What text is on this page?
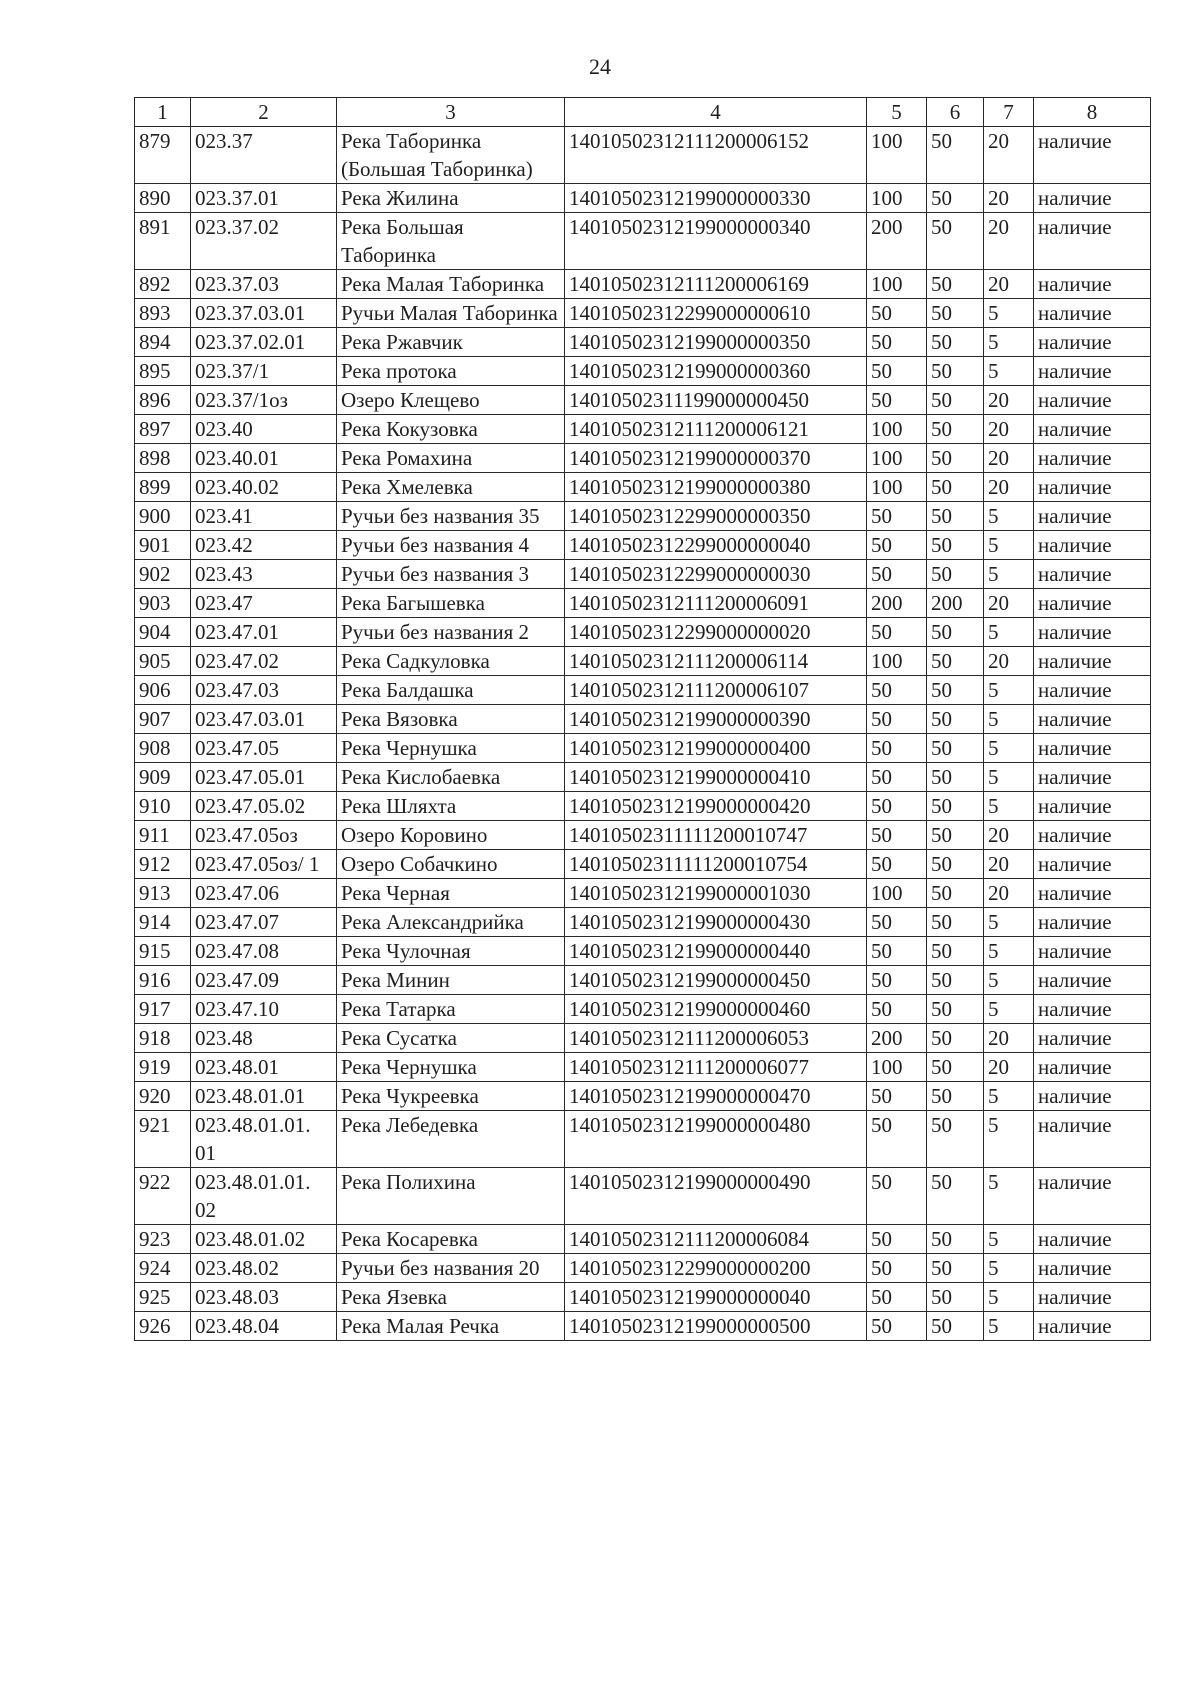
24
1	2	3	4	5	6	7	8
879	023.37	Река Таборинка (Большая Таборинка)	14010502312111200006152	100	50	20	наличие
890	023.37.01	Река Жилина	14010502312199000000330	100	50	20	наличие
891	023.37.02	Река Большая Таборинка	14010502312199000000340	200	50	20	наличие
892	023.37.03	Река Малая Таборинка	14010502312111200006169	100	50	20	наличие
893	023.37.03.01	Ручьи Малая Таборинка	14010502312299000000610	50	50	5	наличие
894	023.37.02.01	Река Ржавчик	14010502312199000000350	50	50	5	наличие
895	023.37/1	Река протока	14010502312199000000360	50	50	5	наличие
896	023.37/1оз	Озеро Клещево	14010502311199000000450	50	50	20	наличие
897	023.40	Река Кокузовка	14010502312111200006121	100	50	20	наличие
898	023.40.01	Река Ромахина	14010502312199000000370	100	50	20	наличие
899	023.40.02	Река Хмелевка	14010502312199000000380	100	50	20	наличие
900	023.41	Ручьи без названия 35	14010502312299000000350	50	50	5	наличие
901	023.42	Ручьи без названия 4	14010502312299000000040	50	50	5	наличие
902	023.43	Ручьи без названия 3	14010502312299000000030	50	50	5	наличие
903	023.47	Река Багышевка	14010502312111200006091	200	200	20	наличие
904	023.47.01	Ручьи без названия 2	14010502312299000000020	50	50	5	наличие
905	023.47.02	Река Садкуловка	14010502312111200006114	100	50	20	наличие
906	023.47.03	Река Балдашка	14010502312111200006107	50	50	5	наличие
907	023.47.03.01	Река Вязовка	14010502312199000000390	50	50	5	наличие
908	023.47.05	Река Чернушка	14010502312199000000400	50	50	5	наличие
909	023.47.05.01	Река Кислобаевка	14010502312199000000410	50	50	5	наличие
910	023.47.05.02	Река Шляхта	14010502312199000000420	50	50	5	наличие
911	023.47.05оз	Озеро Коровино	14010502311111200010747	50	50	20	наличие
912	023.47.05оз/ 1	Озеро Собачкино	14010502311111200010754	50	50	20	наличие
913	023.47.06	Река Черная	14010502312199000001030	100	50	20	наличие
914	023.47.07	Река Александрийка	14010502312199000000430	50	50	5	наличие
915	023.47.08	Река Чулочная	14010502312199000000440	50	50	5	наличие
916	023.47.09	Река Минин	14010502312199000000450	50	50	5	наличие
917	023.47.10	Река Татарка	14010502312199000000460	50	50	5	наличие
918	023.48	Река Сусатка	14010502312111200006053	200	50	20	наличие
919	023.48.01	Река Чернушка	14010502312111200006077	100	50	20	наличие
920	023.48.01.01	Река Чукреевка	14010502312199000000470	50	50	5	наличие
921	023.48.01.01. 01	Река Лебедевка	14010502312199000000480	50	50	5	наличие
922	023.48.01.01. 02	Река Полихина	14010502312199000000490	50	50	5	наличие
923	023.48.01.02	Река Косаревка	14010502312111200006084	50	50	5	наличие
924	023.48.02	Ручьи без названия 20	14010502312299000000200	50	50	5	наличие
925	023.48.03	Река Язевка	14010502312199000000040	50	50	5	наличие
926	023.48.04	Река Малая Речка	14010502312199000000500	50	50	5	наличие
